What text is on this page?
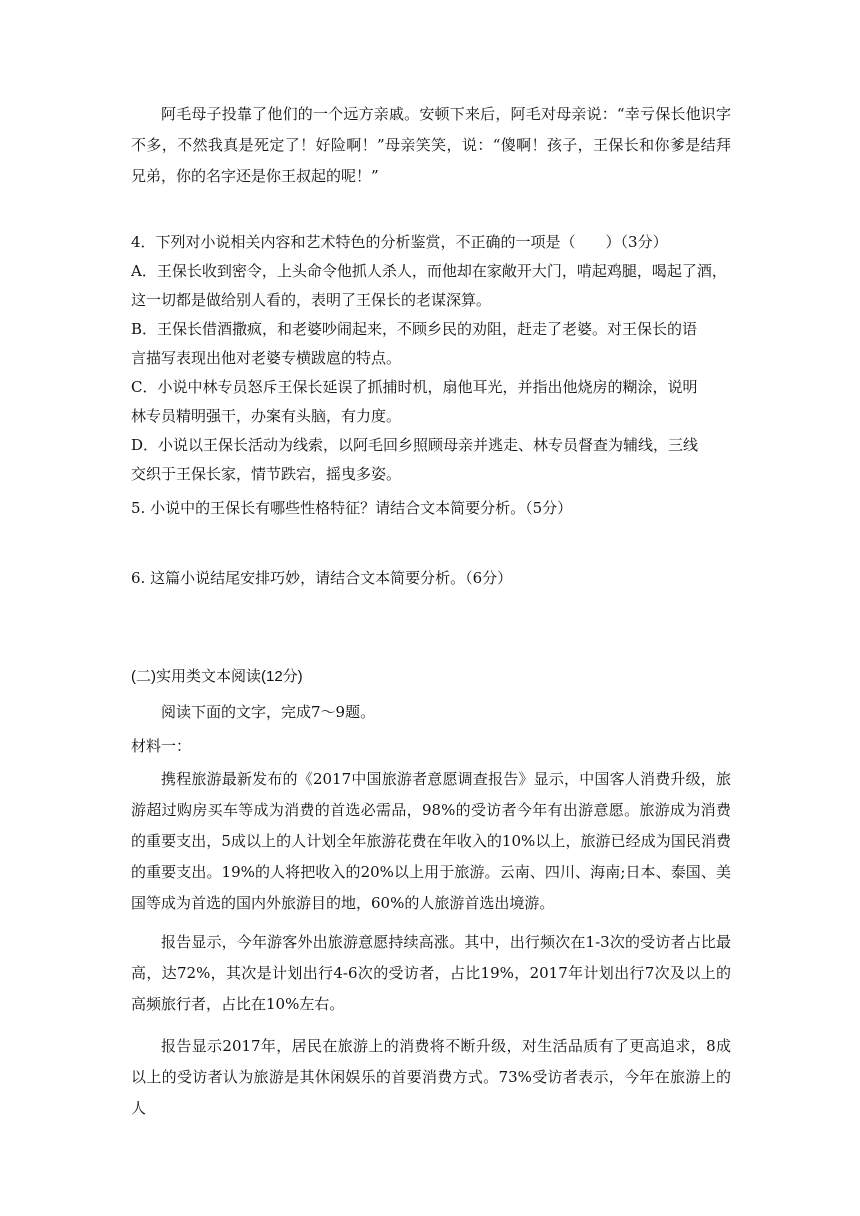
阿毛母子投靠了他们的一个远方亲戚。安顿下来后，阿毛对母亲说：“幸亏保长他识字不多，不然我真是死定了！好险啊！”母亲笑笑，说：“傻啊！孩子，王保长和你爹是结拜兄弟，你的名字还是你王叔起的呢！”

4．下列对小说相关内容和艺术特色的分析鉴赏，不正确的一项是（　　）（3分）

A．王保长收到密令，上头命令他抓人杀人，而他却在家敞开大门，啃起鸡腿，喝起了酒，

这一切都是做给别人看的，表明了王保长的老谋深算。

B．王保长借酒撒疯，和老婆吵闹起来，不顾乡民的劝阻，赶走了老婆。对王保长的语

言描写表现出他对老婆专横跋扈的特点。

C．小说中林专员怒斥王保长延误了抓捕时机，扇他耳光，并指出他烧房的糊涂，说明

林专员精明强干，办案有头脑，有力度。

D．小说以王保长活动为线索，以阿毛回乡照顾母亲并逃走、林专员督查为辅线，三线

交织于王保长家，情节跌宕，摇曳多姿。

5. 小说中的王保长有哪些性格特征？请结合文本简要分析。（5分）
6. 这篇小说结尾安排巧妙，请结合文本简要分析。（6分）
(二)实用类文本阅读(12分)
阅读下面的文字，完成7～9题。
材料一：
携程旅游最新发布的《2017中国旅游者意愿调查报告》显示，中国客人消费升级，旅游超过购房买车等成为消费的首选必需品，98%的受访者今年有出游意愿。旅游成为消费的重要支出，5成以上的人计划全年旅游花费在年收入的10%以上，旅游已经成为国民消费的重要支出。19%的人将把收入的20%以上用于旅游。云南、四川、海南;日本、泰国、美国等成为首选的国内外旅游目的地，60%的人旅游首选出境游。
报告显示，今年游客外出旅游意愿持续高涨。其中，出行频次在1-3次的受访者占比最高，达72%，其次是计划出行4-6次的受访者，占比19%，2017年计划出行7次及以上的高频旅行者，占比在10%左右。
报告显示2017年，居民在旅游上的消费将不断升级，对生活品质有了更高追求，8成以上的受访者认为旅游是其休闲娱乐的首要消费方式。73%受访者表示，今年在旅游上的人
